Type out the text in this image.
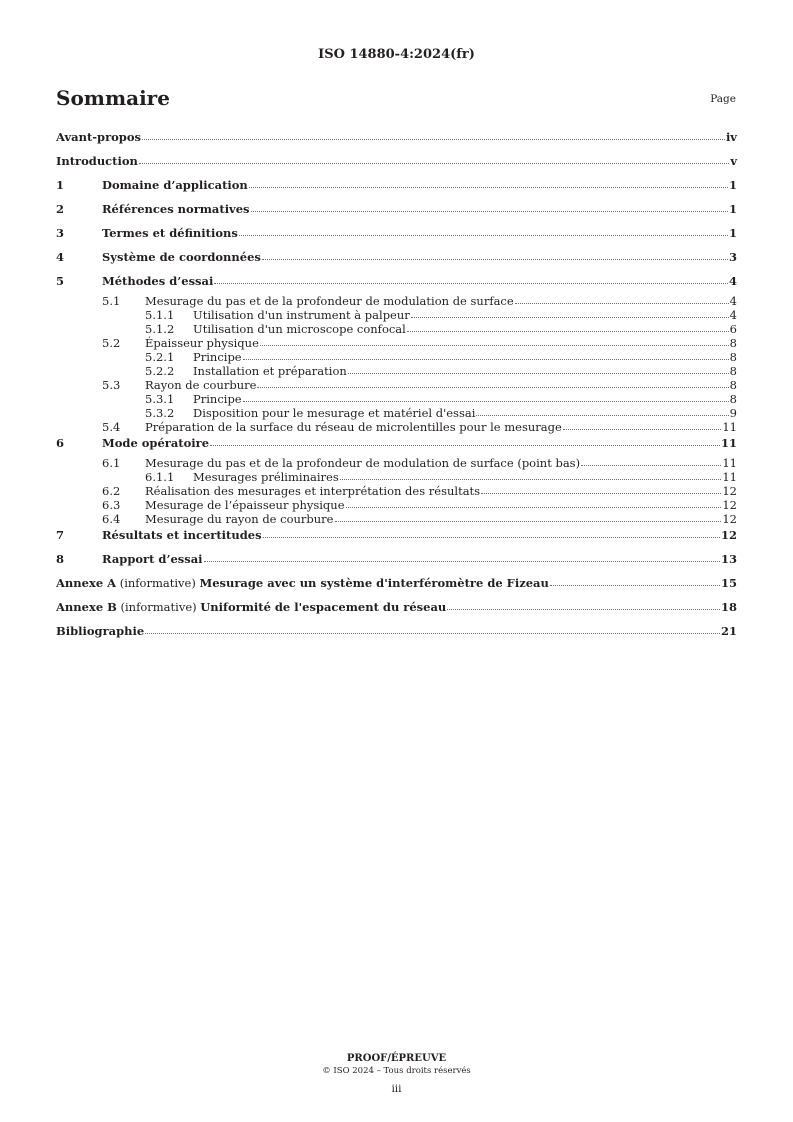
ISO 14880-4:2024(fr)
Sommaire	Page
Avant-propos	iv
Introduction	v
1	Domaine d’application	1
2	Références normatives	1
3	Termes et définitions	1
4	Système de coordonnées	3
5	Méthodes d’essai	4
5.1	Mesurage du pas et de la profondeur de modulation de surface	4
5.1.1	Utilisation d'un instrument à palpeur	4
5.1.2	Utilisation d'un microscope confocal	6
5.2	Épaisseur physique	8
5.2.1	Principe	8
5.2.2	Installation et préparation	8
5.3	Rayon de courbure	8
5.3.1	Principe	8
5.3.2	Disposition pour le mesurage et matériel d'essai	9
5.4	Préparation de la surface du réseau de microlentilles pour le mesurage	11
6	Mode opératoire	11
6.1	Mesurage du pas et de la profondeur de modulation de surface (point bas)	11
6.1.1	Mesurages préliminaires	11
6.2	Réalisation des mesurages et interprétation des résultats	12
6.3	Mesurage de l’épaisseur physique	12
6.4	Mesurage du rayon de courbure	12
7	Résultats et incertitudes	12
8	Rapport d’essai	13
Annexe A (informative) Mesurage avec un système d'interféromètre de Fizeau	15
Annexe B (informative) Uniformité de l'espacement du réseau	18
Bibliographie	21
PROOF/ÉPREUVE
© ISO 2024 – Tous droits réservés
iii
